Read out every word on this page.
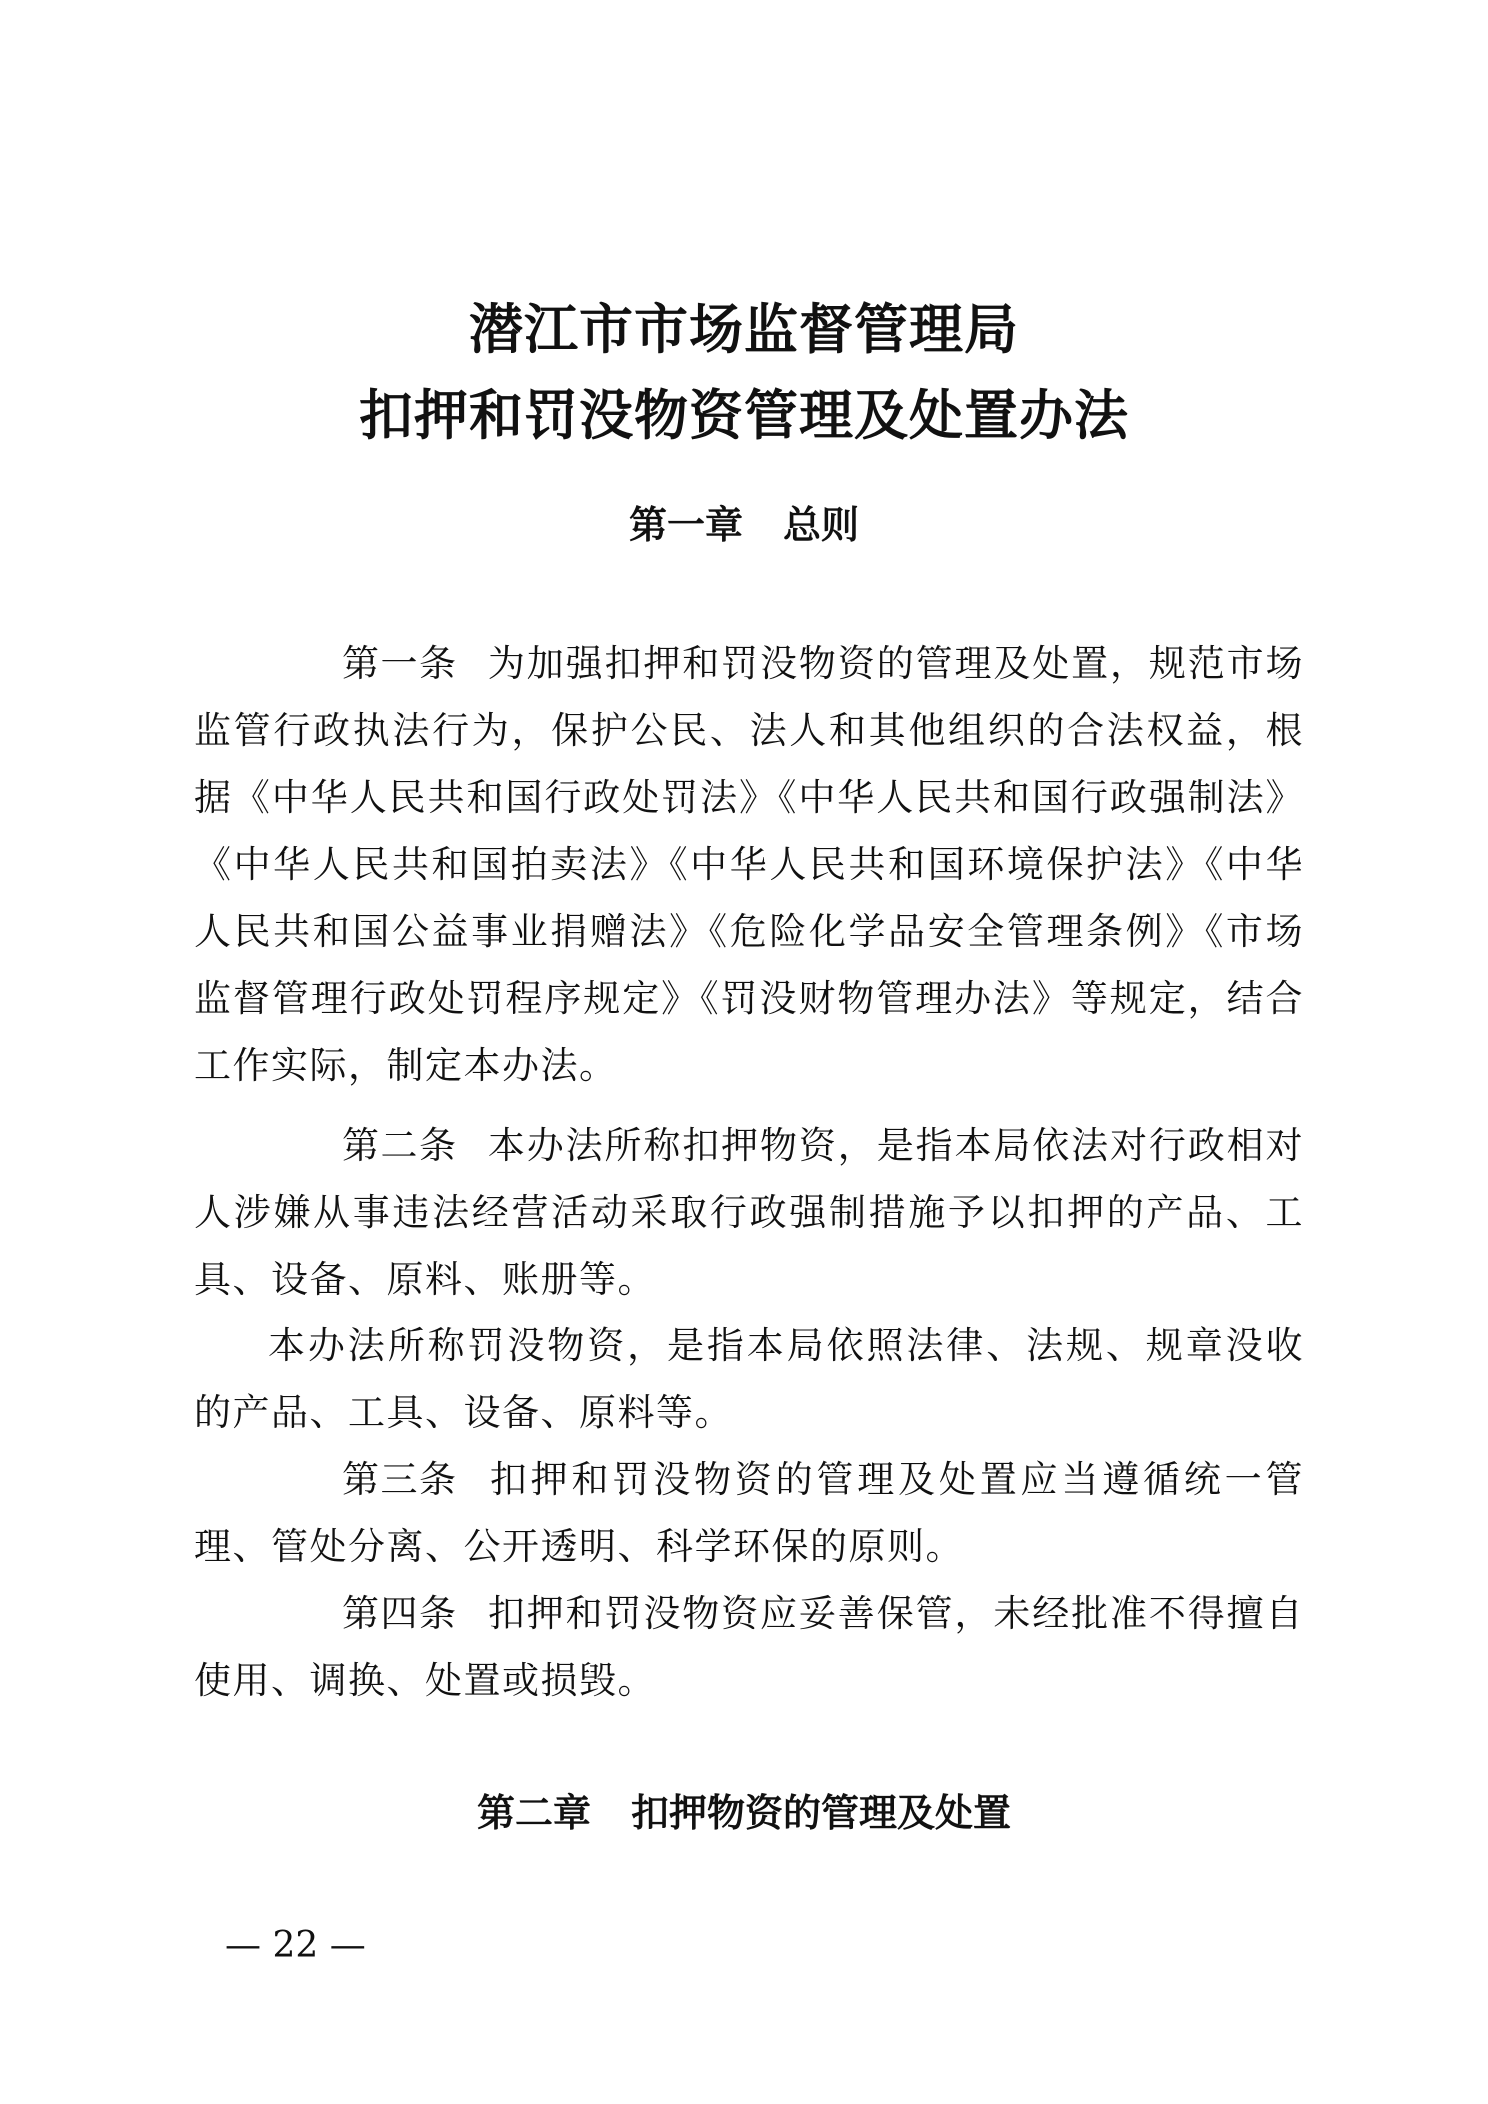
潜江市市场监督管理局
扣押和罚没物资管理及处置办法
第一章 总则

第一条 为加强扣押和罚没物资的管理及处置，规范市场监管行政执法行为，保护公民、法人和其他组织的合法权益，根据《中华人民共和国行政处罚法》《中华人民共和国行政强制法》《中华人民共和国拍卖法》《中华人民共和国环境保护法》《中华人民共和国公益事业捐赠法》《危险化学品安全管理条例》《市场监督管理行政处罚程序规定》《罚没财物管理办法》等规定，结合工作实际，制定本办法。

第二条 本办法所称扣押物资，是指本局依法对行政相对人涉嫌从事违法经营活动采取行政强制措施予以扣押的产品、工具、设备、原料、账册等。

本办法所称罚没物资，是指本局依照法律、法规、规章没收的产品、工具、设备、原料等。

第三条 扣押和罚没物资的管理及处置应当遵循统一管理、管处分离、公开透明、科学环保的原则。

第四条 扣押和罚没物资应妥善保管，未经批准不得擅自使用、调换、处置或损毁。

第二章 扣押物资的管理及处置
— 22 —
